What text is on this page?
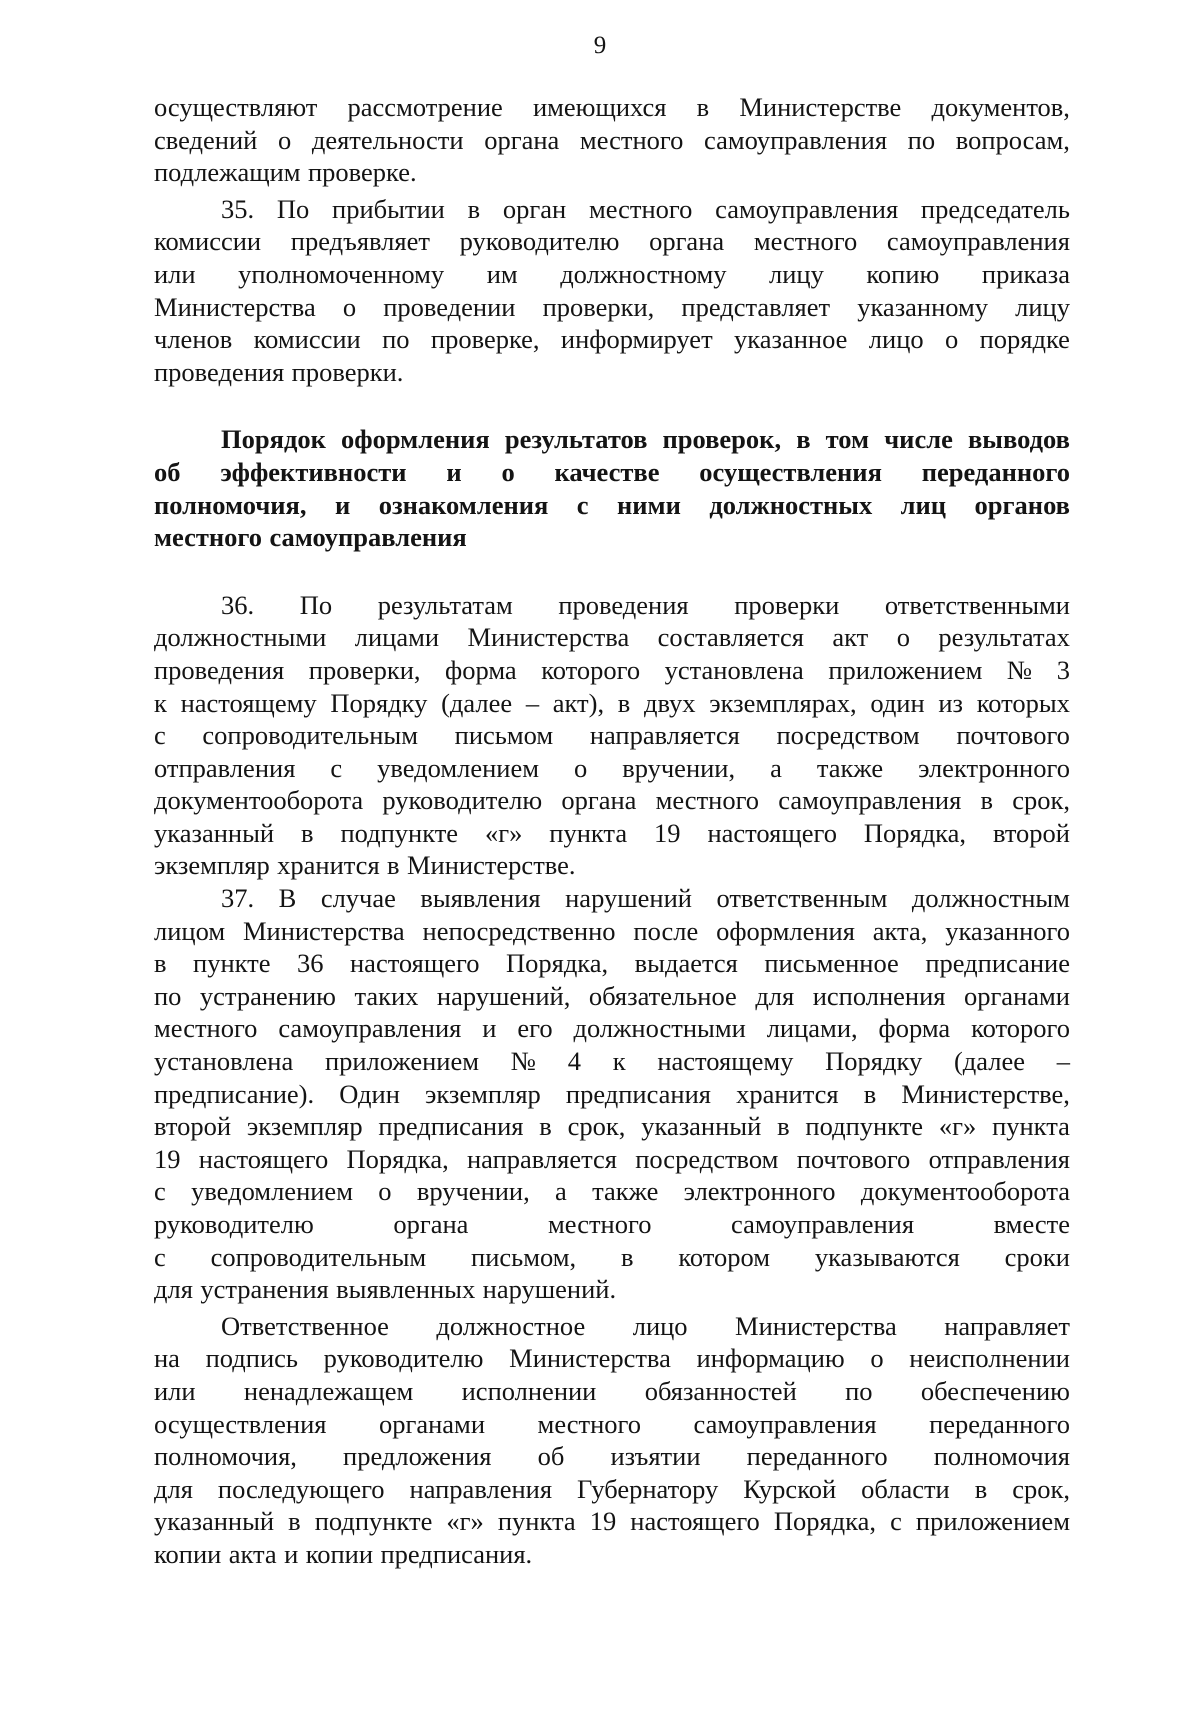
9
осуществляют рассмотрение имеющихся в Министерстве документов,
сведений о деятельности органа местного самоуправления по вопросам,
подлежащим проверке.
35. По прибытии в орган местного самоуправления председатель
комиссии предъявляет руководителю органа местного самоуправления
или уполномоченному им должностному лицу копию приказа
Министерства о проведении проверки, представляет указанному лицу
членов комиссии по проверке, информирует указанное лицо о порядке
проведения проверки.
Порядок оформления результатов проверок, в том числе выводов
об эффективности и о качестве осуществления переданного
полномочия, и ознакомления с ними должностных лиц органов
местного самоуправления
36. По результатам проведения проверки ответственными
должностными лицами Министерства составляется акт о результатах
проведения проверки, форма которого установлена приложением № 3
к настоящему Порядку (далее – акт), в двух экземплярах, один из которых
с сопроводительным письмом направляется посредством почтового
отправления с уведомлением о вручении, а также электронного
документооборота руководителю органа местного самоуправления в срок,
указанный в подпункте «г» пункта 19 настоящего Порядка, второй
экземпляр хранится в Министерстве.
37. В случае выявления нарушений ответственным должностным
лицом Министерства непосредственно после оформления акта, указанного
в пункте 36 настоящего Порядка, выдается письменное предписание
по устранению таких нарушений, обязательное для исполнения органами
местного самоуправления и его должностными лицами, форма которого
установлена приложением № 4 к настоящему Порядку (далее –
предписание). Один экземпляр предписания хранится в Министерстве,
второй экземпляр предписания в срок, указанный в подпункте «г» пункта
19 настоящего Порядка, направляется посредством почтового отправления
с уведомлением о вручении, а также электронного документооборота
руководителю	органа	местного	самоуправления	вместе
с сопроводительным письмом, в котором указываются сроки
для устранения выявленных нарушений.
Ответственное должностное лицо Министерства направляет
на подпись руководителю Министерства информацию о неисполнении
или ненадлежащем исполнении обязанностей по обеспечению
осуществления органами местного самоуправления переданного
полномочия, предложения об изъятии переданного полномочия
для последующего направления Губернатору Курской области в срок,
указанный в подпункте «г» пункта 19 настоящего Порядка, с приложением
копии акта и копии предписания.
